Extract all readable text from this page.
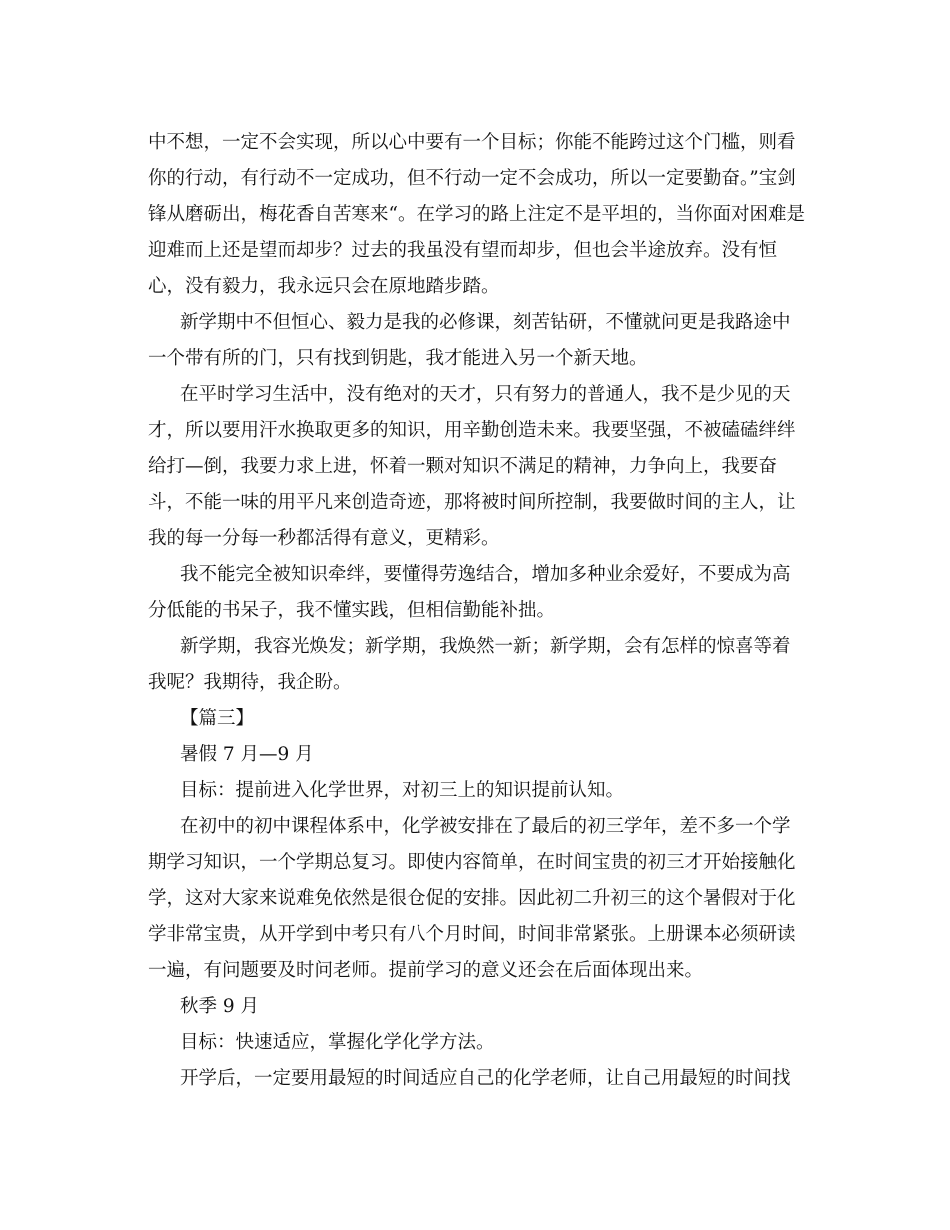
中不想，一定不会实现，所以心中要有一个目标；你能不能跨过这个门槛，则看
你的行动，有行动不一定成功，但不行动一定不会成功，所以一定要勤奋。”宝剑
锋从磨砺出，梅花香自苦寒来“。在学习的路上注定不是平坦的，当你面对困难是
迎难而上还是望而却步？过去的我虽没有望而却步，但也会半途放弃。没有恒
心，没有毅力，我永远只会在原地踏步踏。
新学期中不但恒心、毅力是我的必修课，刻苦钻研，不懂就问更是我路途中
一个带有所的门，只有找到钥匙，我才能进入另一个新天地。
在平时学习生活中，没有绝对的天才，只有努力的普通人，我不是少见的天
才，所以要用汗水换取更多的知识，用辛勤创造未来。我要坚强，不被磕磕绊绊
给打—倒，我要力求上进，怀着一颗对知识不满足的精神，力争向上，我要奋
斗，不能一味的用平凡来创造奇迹，那将被时间所控制，我要做时间的主人，让
我的每一分每一秒都活得有意义，更精彩。
我不能完全被知识牵绊，要懂得劳逸结合，增加多种业余爱好，不要成为高
分低能的书呆子，我不懂实践，但相信勤能补拙。
新学期，我容光焕发；新学期，我焕然一新；新学期，会有怎样的惊喜等着
我呢？我期待，我企盼。
【篇三】
暑假 7 月—9 月
目标：提前进入化学世界，对初三上的知识提前认知。
在初中的初中课程体系中，化学被安排在了最后的初三学年，差不多一个学
期学习知识，一个学期总复习。即使内容简单，在时间宝贵的初三才开始接触化
学，这对大家来说难免依然是很仓促的安排。因此初二升初三的这个暑假对于化
学非常宝贵，从开学到中考只有八个月时间，时间非常紧张。上册课本必须研读
一遍，有问题要及时问老师。提前学习的意义还会在后面体现出来。
秋季 9 月
目标：快速适应，掌握化学化学方法。
开学后，一定要用最短的时间适应自己的化学老师，让自己用最短的时间找
